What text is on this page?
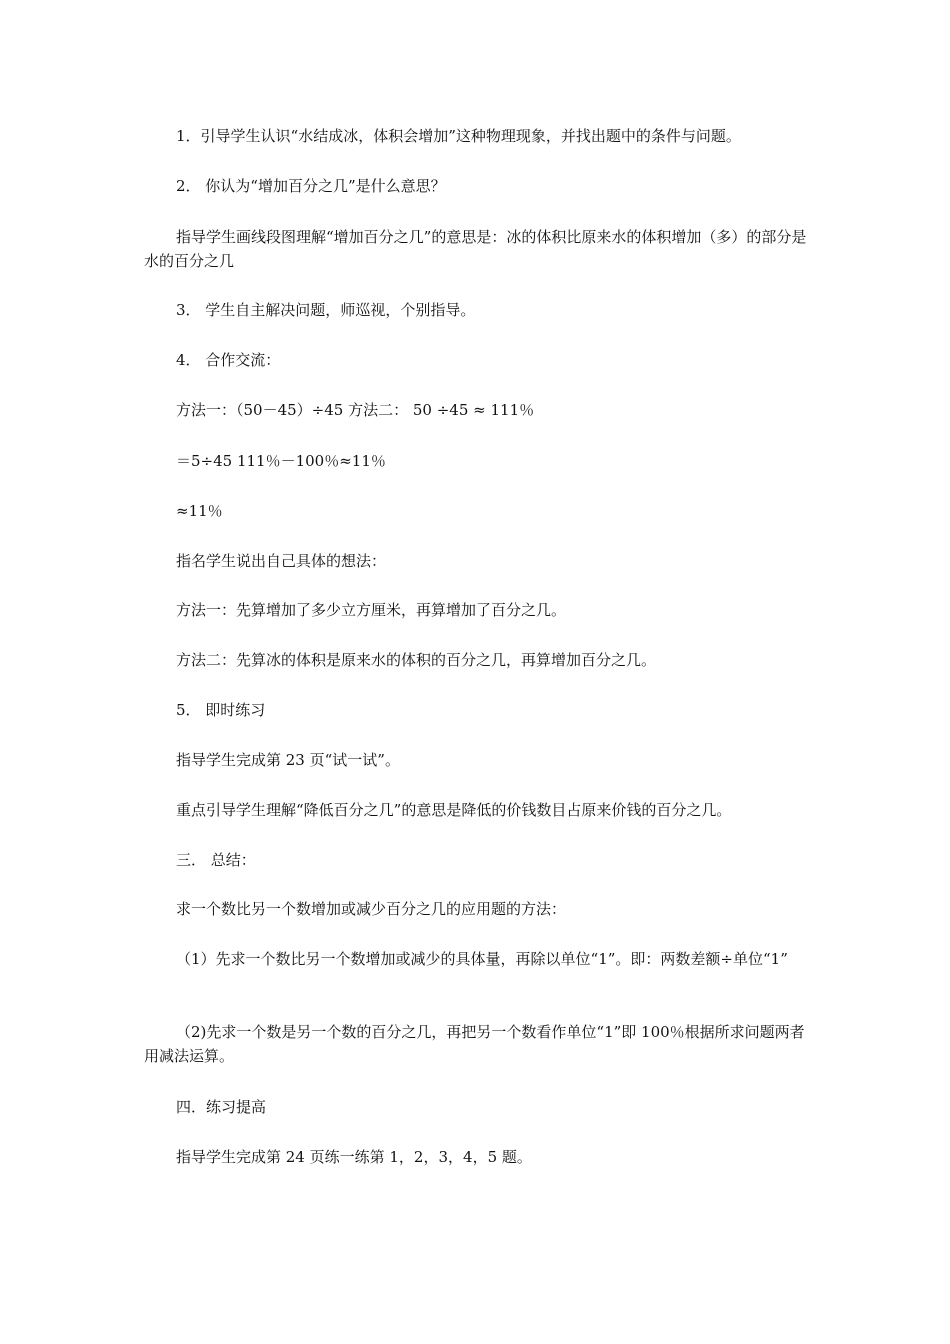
1．引导学生认识“水结成冰，体积会增加”这种物理现象，并找出题中的条件与问题。

2． 你认为“增加百分之几”是什么意思？

指导学生画线段图理解“增加百分之几”的意思是：冰的体积比原来水的体积增加（多）的部分是水的百分之几

3． 学生自主解决问题，师巡视，个别指导。

4． 合作交流：

方法一：（50－45）÷45 方法二： 50 ÷45 ≈ 111％

＝5÷45 111％－100％≈11％

≈11％

指名学生说出自己具体的想法：

方法一：先算增加了多少立方厘米，再算增加了百分之几。

方法二：先算冰的体积是原来水的体积的百分之几，再算增加百分之几。

5． 即时练习

指导学生完成第 23 页“试一试”。

重点引导学生理解“降低百分之几”的意思是降低的价钱数目占原来价钱的百分之几。

三． 总结：

求一个数比另一个数增加或减少百分之几的应用题的方法：

（1）先求一个数比另一个数增加或减少的具体量，再除以单位“1”。即：两数差额÷单位“1”

（2)先求一个数是另一个数的百分之几，再把另一个数看作单位“1”即 100％根据所求问题两者用减法运算。

四．练习提高

指导学生完成第 24 页练一练第 1，2，3，4，5 题。
